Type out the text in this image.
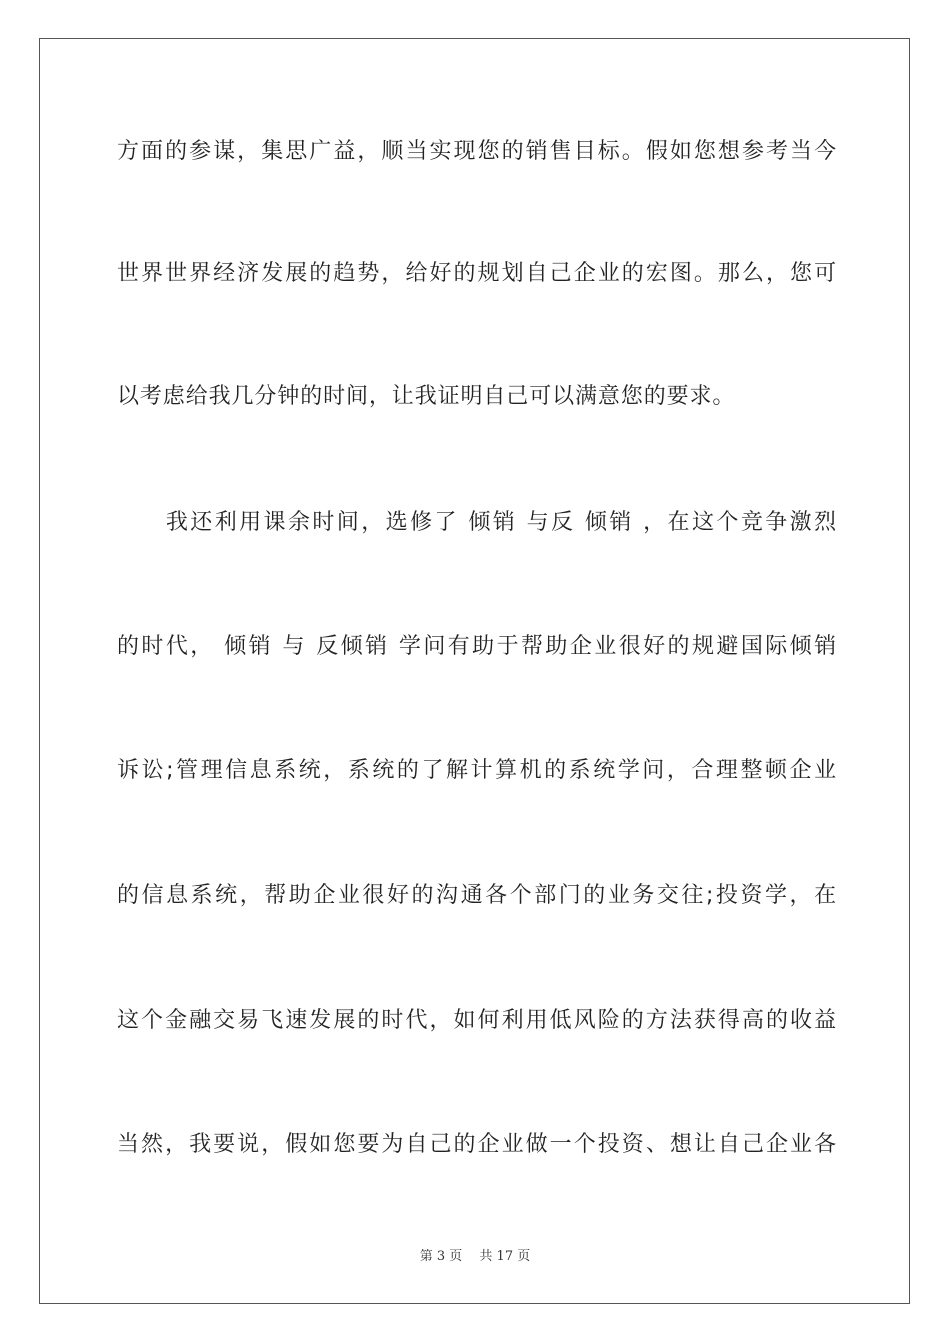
方面的参谋，集思广益，顺当实现您的销售目标。假如您想参考当今
世界世界经济发展的趋势，给好的规划自己企业的宏图。那么，您可
以考虑给我几分钟的时间，让我证明自己可以满意您的要求。
　　我还利用课余时间，选修了 倾销 与反 倾销 ，在这个竞争激烈
的时代， 倾销 与 反倾销 学问有助于帮助企业很好的规避国际倾销
诉讼;管理信息系统，系统的了解计算机的系统学问，合理整顿企业
的信息系统，帮助企业很好的沟通各个部门的业务交往;投资学，在
这个金融交易飞速发展的时代，如何利用低风险的方法获得高的收益
当然，我要说，假如您要为自己的企业做一个投资、想让自己企业各
第 3 页　 共 17 页
